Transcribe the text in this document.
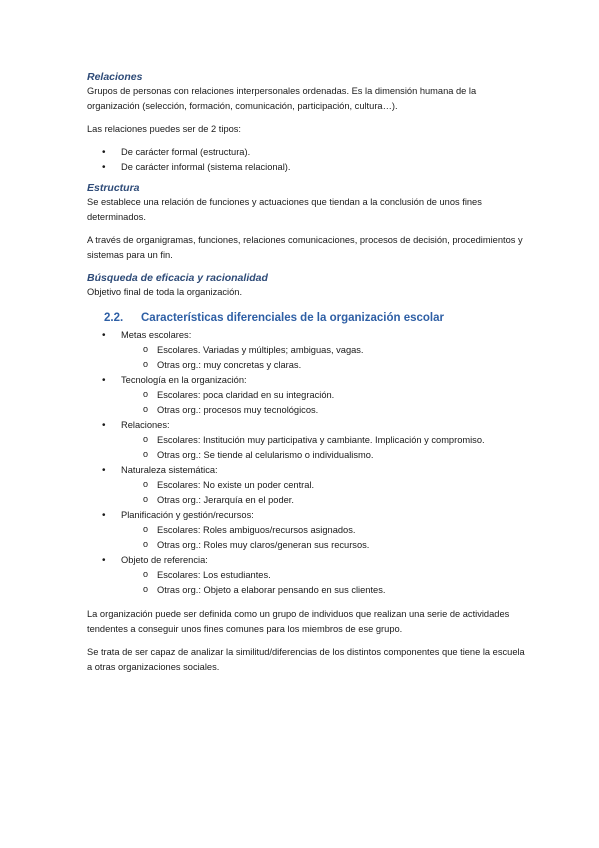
Relaciones

Grupos de personas con relaciones interpersonales ordenadas. Es la dimensión humana de la organización (selección, formación, comunicación, participación, cultura…).

Las relaciones puedes ser de 2 tipos:

• De carácter formal (estructura).
• De carácter informal (sistema relacional).
Estructura

Se establece una relación de funciones y actuaciones que tiendan a la conclusión de unos fines determinados.

A través de organigramas, funciones, relaciones comunicaciones, procesos de decisión, procedimientos y sistemas para un fin.

Búsqueda de eficacia y racionalidad

Objetivo final de toda la organización.

2.2. Características diferenciales de la organización escolar
• Metas escolares:
o Escolares. Variadas y múltiples; ambiguas, vagas.
o Otras org.: muy concretas y claras.
• Tecnología en la organización:
o Escolares: poca claridad en su integración.
o Otras org.: procesos muy tecnológicos.
• Relaciones:
o Escolares: Institución muy participativa y cambiante. Implicación y compromiso.
o Otras org.: Se tiende al celularismo o individualismo.
• Naturaleza sistemática:
o Escolares: No existe un poder central.
o Otras org.: Jerarquía en el poder.
• Planificación y gestión/recursos:
o Escolares: Roles ambiguos/recursos asignados.
o Otras org.: Roles muy claros/generan sus recursos.
• Objeto de referencia:
o Escolares: Los estudiantes.
o Otras org.: Objeto a elaborar pensando en sus clientes.

La organización puede ser definida como un grupo de individuos que realizan una serie de actividades tendentes a conseguir unos fines comunes para los miembros de ese grupo.

Se trata de ser capaz de analizar la similitud/diferencias de los distintos componentes que tiene la escuela a otras organizaciones sociales.
